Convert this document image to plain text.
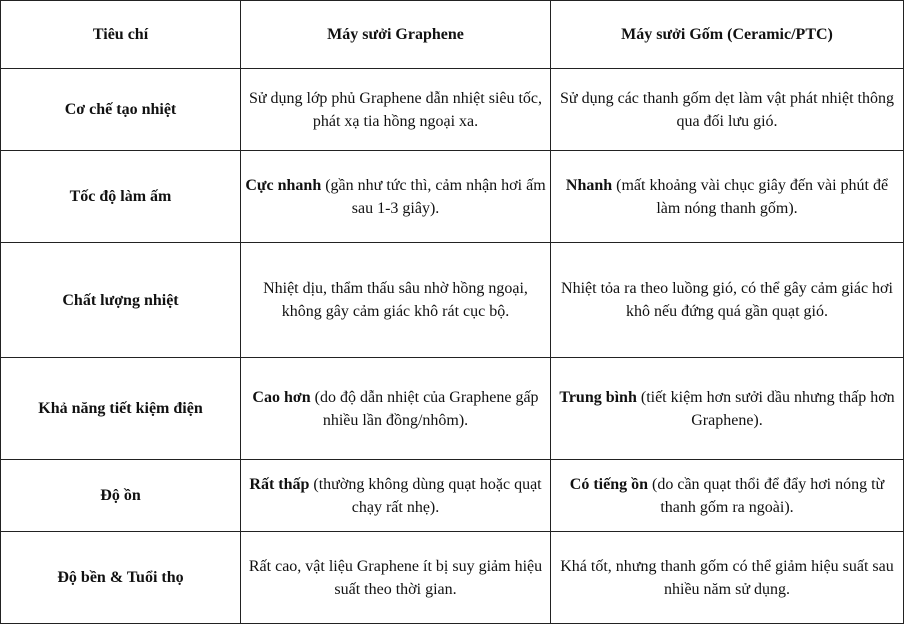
Tiêu chí	Máy sưởi Graphene	Máy sưởi Gốm (Ceramic/PTC)
Cơ chế tạo nhiệt	Sử dụng lớp phủ Graphene dẫn nhiệt siêu tốc, phát xạ tia hồng ngoại xa.	Sử dụng các thanh gốm dẹt làm vật phát nhiệt thông qua đối lưu gió.
Tốc độ làm ấm	Cực nhanh (gần như tức thì, cảm nhận hơi ấm sau 1-3 giây).	Nhanh (mất khoảng vài chục giây đến vài phút để làm nóng thanh gốm).
Chất lượng nhiệt	Nhiệt dịu, thẩm thấu sâu nhờ hồng ngoại, không gây cảm giác khô rát cục bộ.	Nhiệt tỏa ra theo luồng gió, có thể gây cảm giác hơi khô nếu đứng quá gần quạt gió.
Khả năng tiết kiệm điện	Cao hơn (do độ dẫn nhiệt của Graphene gấp nhiều lần đồng/nhôm).	Trung bình (tiết kiệm hơn sưởi dầu nhưng thấp hơn Graphene).
Độ ồn	Rất thấp (thường không dùng quạt hoặc quạt chạy rất nhẹ).	Có tiếng ồn (do cần quạt thổi để đẩy hơi nóng từ thanh gốm ra ngoài).
Độ bền & Tuổi thọ	Rất cao, vật liệu Graphene ít bị suy giảm hiệu suất theo thời gian.	Khá tốt, nhưng thanh gốm có thể giảm hiệu suất sau nhiều năm sử dụng.
